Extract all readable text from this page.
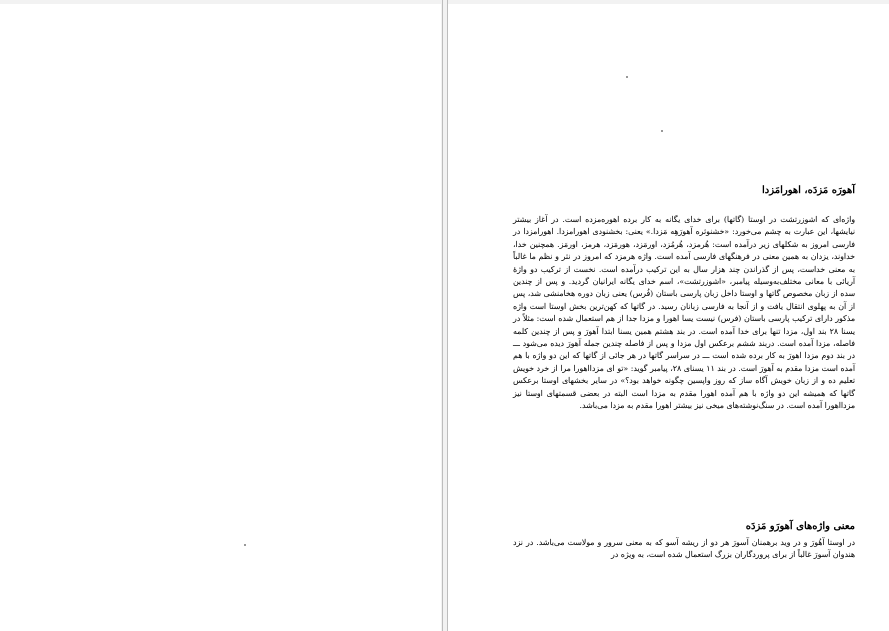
آهورَه مَزدَه، اهورامَزدا

واژه‌ای که اشوزرتشت در اوستا (گاتها) برای خدای یگانه به کار برده اهوره‌مزده است. در آغاز بیشتر نیایشها، این عبارت به چشم می‌خورد: «خشنوثره آهورَهِه مَزدا.» یعنی: بخشنودی اهورامزدا. اهورامزدا در فارسی امروز به شکلهای زیر درآمده است: هُرمزد، هُرمُزد، اورمَزد، هورمَزد، هرمز، اورمَز. همچنین خدا، خداوند، یزدان به همین معنی در فرهنگهای فارسی آمده است. واژه هرمزد که امروز در نثر و نظم ما غالباً به معنی خداست، پس از گذراندن چند هزار سال به این ترکیب درآمده است. نخست از ترکیب دو واژهٔ آریائی با معانی مختلف‌به‌وسیله پیامبر، «اشوزرتشت»، اسم خدای یگانه ایرانیان گردید. و پس از چندین سده از زبان مخصوص گاتها و اوستا داخل زبان پارسی باستان (فُرس) یعنی زبان دوره هخامنشی شد، پس از آن به پهلوی انتقال یافت و از آنجا به فارسی زبانان رسید. در گاتها که کهن‌ترین بخش اوستا است واژه مذکور دارای ترکیب پارسی باستان (فرس) نیست یسا اهورا و مزدا جدا از هم استعمال شده است: مثلاً در یسنا ۲۸ بند اول، مزدا تنها برای خدا آمده است. در بند هشتم همین یسنا ابتدا آهورَ و پس از چندین کلمه فاصله، مزدا آمده است. دربند ششم برعکس اول مزدا و پس از فاصله چندین جمله آهورَ دیده می‌شود ـــ در بند دوم مزدا اهورَ به کار برده شده است ـــ در سراسر گاتها در هر جائی از گاتها که این دو واژه با هم آمده است مزدا مقدم به آهورَ است. در بند ۱۱ یسنای ۲۸، پیامبر گوید: «تو ای مزدااهورا مرا از خرد خویش تعلیم ده و از زبان خویش آگاه ساز که روز واپسین چگونه خواهد بود؟» در سایر بخشهای اوستا برعکس گاتها که همیشه این دو واژه با هم آمده اهورا مقدم به مزدا است البته در بعضی قسمتهای اوستا نیز مزدااهورا آمده است. در سنگ‌نوشته‌های میخی نیز بیشتر اهورا مقدم به مزدا می‌باشد.

معنی واژه‌های آهورَو مَزدَه

در اوستا آهُورَ و در وید برهمنان آسورَ هر دو از ریشه آسو که به معنی سرور و مولاست می‌باشد. در نزد هندوان آسورَ غالباً از برای پروردگاران بزرگ استعمال شده است، به ویژه در
